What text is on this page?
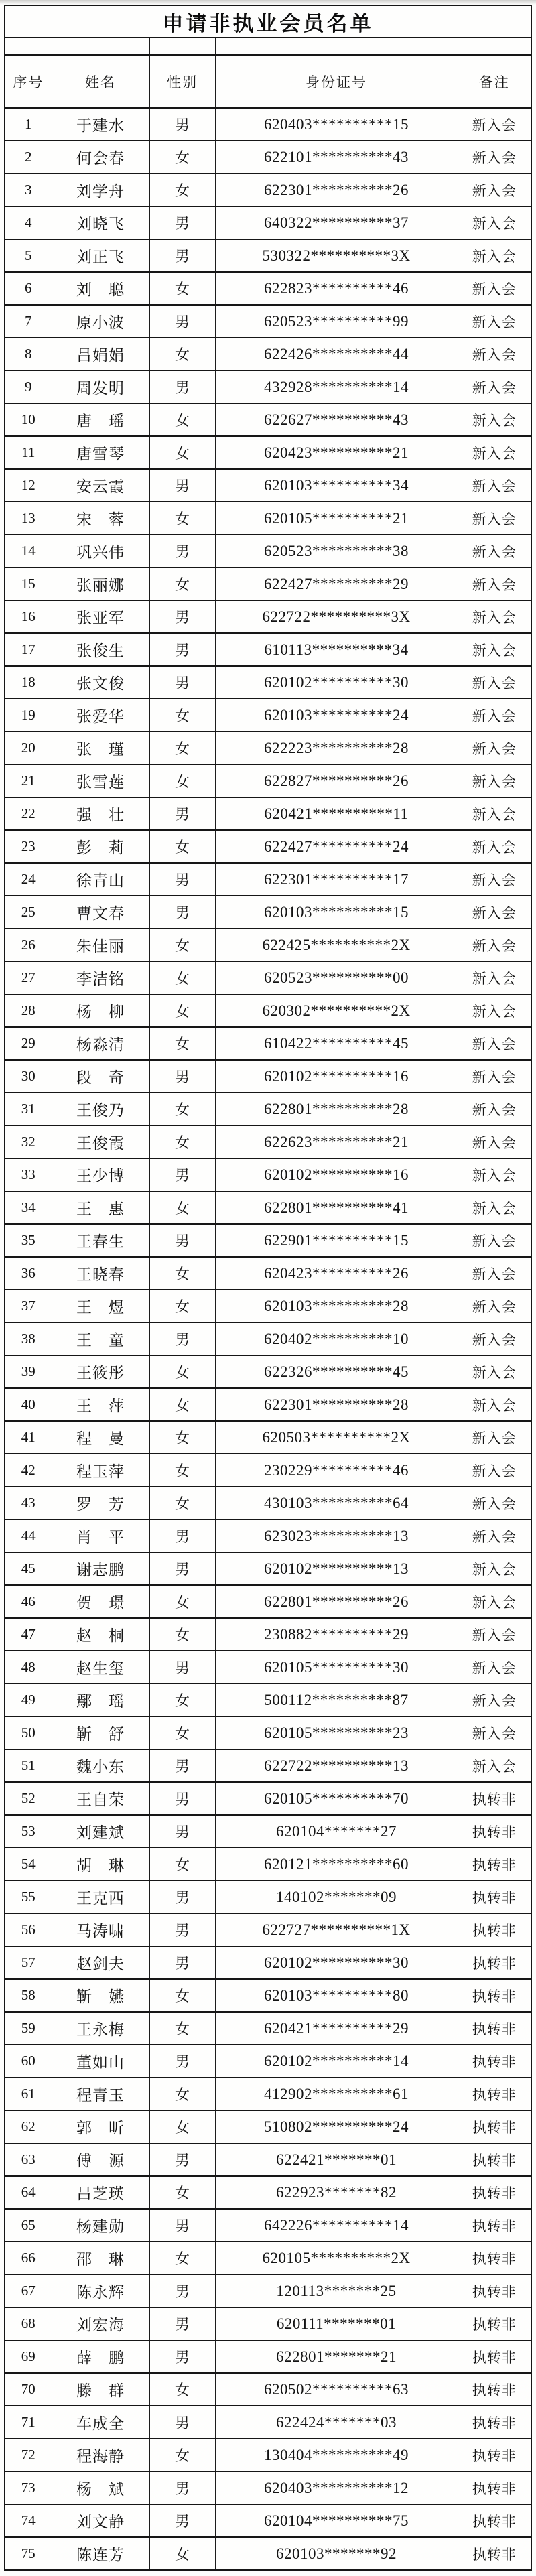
申请非执业会员名单				

序号	姓名	性别	身份证号	备注
1	于建水	男	620403**********15	新入会
2	何会春	女	622101**********43	新入会
3	刘学舟	女	622301**********26	新入会
4	刘晓飞	男	640322**********37	新入会
5	刘正飞	男	530322**********3X	新入会
6	刘　聪	女	622823**********46	新入会
7	原小波	男	620523**********99	新入会
8	吕娟娟	女	622426**********44	新入会
9	周发明	男	432928**********14	新入会
10	唐　瑶	女	622627**********43	新入会
11	唐雪琴	女	620423**********21	新入会
12	安云霞	男	620103**********34	新入会
13	宋　蓉	女	620105**********21	新入会
14	巩兴伟	男	620523**********38	新入会
15	张丽娜	女	622427**********29	新入会
16	张亚军	男	622722**********3X	新入会
17	张俊生	男	610113**********34	新入会
18	张文俊	男	620102**********30	新入会
19	张爱华	女	620103**********24	新入会
20	张　瑾	女	622223**********28	新入会
21	张雪莲	女	622827**********26	新入会
22	强　壮	男	620421**********11	新入会
23	彭　莉	女	622427**********24	新入会
24	徐青山	男	622301**********17	新入会
25	曹文春	男	620103**********15	新入会
26	朱佳丽	女	622425**********2X	新入会
27	李洁铭	女	620523**********00	新入会
28	杨　柳	女	620302**********2X	新入会
29	杨淼清	女	610422**********45	新入会
30	段　奇	男	620102**********16	新入会
31	王俊乃	女	622801**********28	新入会
32	王俊霞	女	622623**********21	新入会
33	王少博	男	620102**********16	新入会
34	王　惠	女	622801**********41	新入会
35	王春生	男	622901**********15	新入会
36	王晓春	女	620423**********26	新入会
37	王　煜	女	620103**********28	新入会
38	王　童	男	620402**********10	新入会
39	王筱彤	女	622326**********45	新入会
40	王　萍	女	622301**********28	新入会
41	程　曼	女	620503**********2X	新入会
42	程玉萍	女	230229**********46	新入会
43	罗　芳	女	430103**********64	新入会
44	肖　平	男	623023**********13	新入会
45	谢志鹏	男	620102**********13	新入会
46	贺　璟	女	622801**********26	新入会
47	赵　桐	女	230882**********29	新入会
48	赵生玺	男	620105**********30	新入会
49	鄢　瑶	女	500112**********87	新入会
50	靳　舒	女	620105**********23	新入会
51	魏小东	男	622722**********13	新入会
52	王自荣	男	620105**********70	执转非
53	刘建斌	男	620104*******27	执转非
54	胡　琳	女	620121**********60	执转非
55	王克西	男	140102*******09	执转非
56	马涛啸	男	622727**********1X	执转非
57	赵剑夫	男	620102**********30	执转非
58	靳　嬿	女	620103**********80	执转非
59	王永梅	女	620421**********29	执转非
60	董如山	男	620102**********14	执转非
61	程青玉	女	412902**********61	执转非
62	郭　昕	女	510802**********24	执转非
63	傅　源	男	622421*******01	执转非
64	吕芝瑛	女	622923*******82	执转非
65	杨建勋	男	642226**********14	执转非
66	邵　琳	女	620105**********2X	执转非
67	陈永辉	男	120113*******25	执转非
68	刘宏海	男	620111*******01	执转非
69	薛　鹏	男	622801*******21	执转非
70	滕　群	女	620502**********63	执转非
71	车成全	男	622424*******03	执转非
72	程海静	女	130404**********49	执转非
73	杨　斌	男	620403**********12	执转非
74	刘文静	男	620104**********75	执转非
75	陈连芳	女	620103*******92	执转非
